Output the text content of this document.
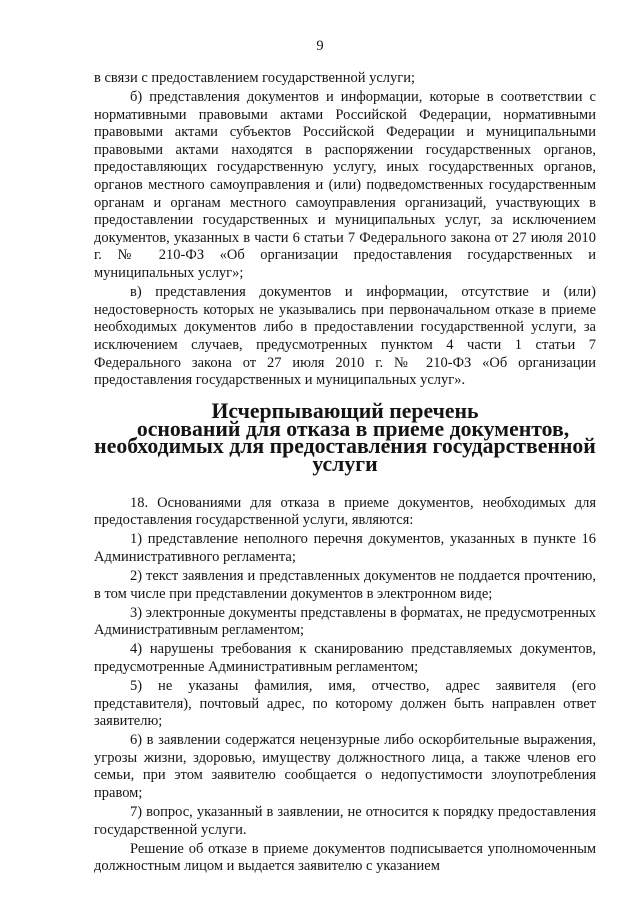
9

в связи с предоставлением государственной услуги;

б) представления документов и информации, которые в соответствии с нормативными правовыми актами Российской Федерации, нормативными правовыми актами субъектов Российской Федерации и муниципальными правовыми актами находятся в распоряжении государственных органов, предоставляющих государственную услугу, иных государственных органов, органов местного самоуправления и (или) подведомственных государственным органам и органам местного самоуправления организаций, участвующих в предоставлении государственных и муниципальных услуг, за исключением документов, указанных в части 6 статьи 7 Федерального закона от 27 июля 2010 г. № 210-ФЗ «Об организации предоставления государственных и муниципальных услуг»;

в) представления документов и информации, отсутствие и (или) недостоверность которых не указывались при первоначальном отказе в приеме необходимых документов либо в предоставлении государственной услуги, за исключением случаев, предусмотренных пунктом 4 части 1 статьи 7 Федерального закона от 27 июля 2010 г. № 210-ФЗ «Об организации предоставления государственных и муниципальных услуг».

Исчерпывающий перечень

оснований для отказа в приеме документов,
необходимых для предоставления государственной услуги

18. Основаниями для отказа в приеме документов, необходимых для предоставления государственной услуги, являются:

1) представление неполного перечня документов, указанных в пункте 16 Административного регламента;

2) текст заявления и представленных документов не поддается прочтению, в том числе при представлении документов в электронном виде;

3) электронные документы представлены в форматах, не предусмотренных Административным регламентом;

4) нарушены требования к сканированию представляемых документов, предусмотренные Административным регламентом;

5) не указаны фамилия, имя, отчество, адрес заявителя (его представителя), почтовый адрес, по которому должен быть направлен ответ заявителю;

6) в заявлении содержатся нецензурные либо оскорбительные выражения, угрозы жизни, здоровью, имуществу должностного лица, а также членов его семьи, при этом заявителю сообщается о недопустимости злоупотребления правом;

7) вопрос, указанный в заявлении, не относится к порядку предоставления государственной услуги.

Решение об отказе в приеме документов подписывается уполномоченным должностным лицом и выдается заявителю с указанием
